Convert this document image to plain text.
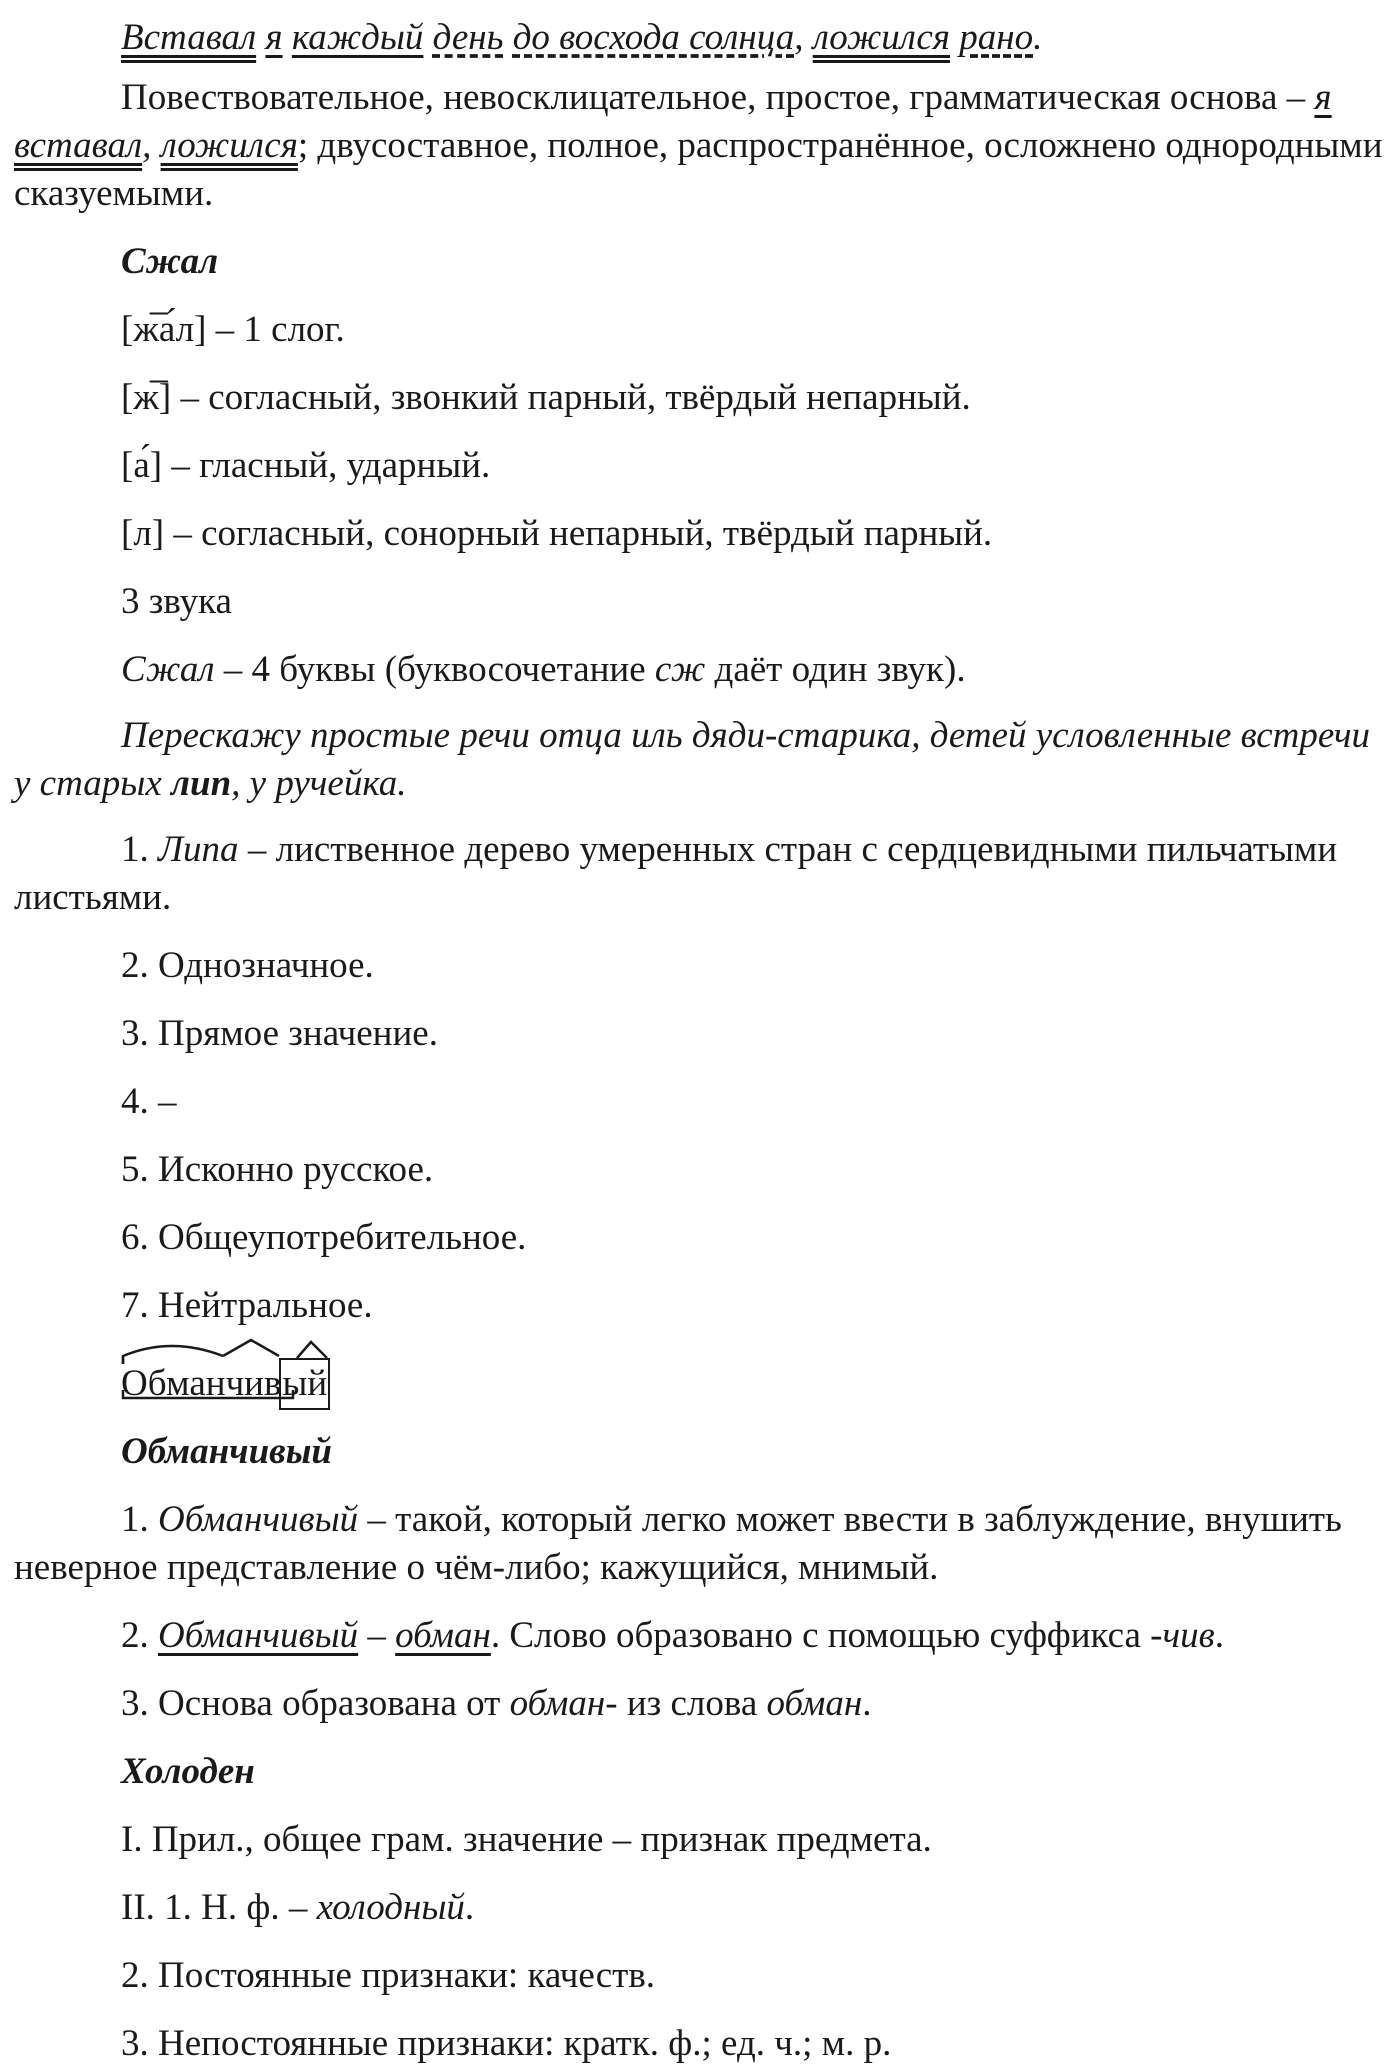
Вставал я каждый день до восхода солнца, ложился рано.

Повествовательное, невосклицательное, простое, грамматическая основа – я вставал, ложился; двусоставное, полное, распространённое, осложнено однородными сказуемыми.

Сжал

[ж̅а́л] – 1 слог.

[ж̅] – согласный, звонкий парный, твёрдый непарный.

[а́] – гласный, ударный.

[л] – согласный, сонорный непарный, твёрдый парный.

3 звука

Сжал – 4 буквы (буквосочетание сж даёт один звук).

Перескажу простые речи отца иль дяди-старика, детей условленные встречи у старых лип, у ручейка.

1. Липа – лиственное дерево умеренных стран с сердцевидными пильчатыми листьями.

2. Однозначное.

3. Прямое значение.

4. –

5. Исконно русское.

6. Общеупотребительное.

7. Нейтральное.

Обманчивый

Обманчивый

1. Обманчивый – такой, который легко может ввести в заблуждение, внушить неверное представление о чём-либо; кажущийся, мнимый.

2. Обманчивый – обман. Слово образовано с помощью суффикса -чив.

3. Основа образована от обман- из слова обман.

Холоден

I. Прил., общее грам. значение – признак предмета.

II. 1. Н. ф. – холодный.

2. Постоянные признаки: качеств.

3. Непостоянные признаки: кратк. ф.; ед. ч.; м. р.
